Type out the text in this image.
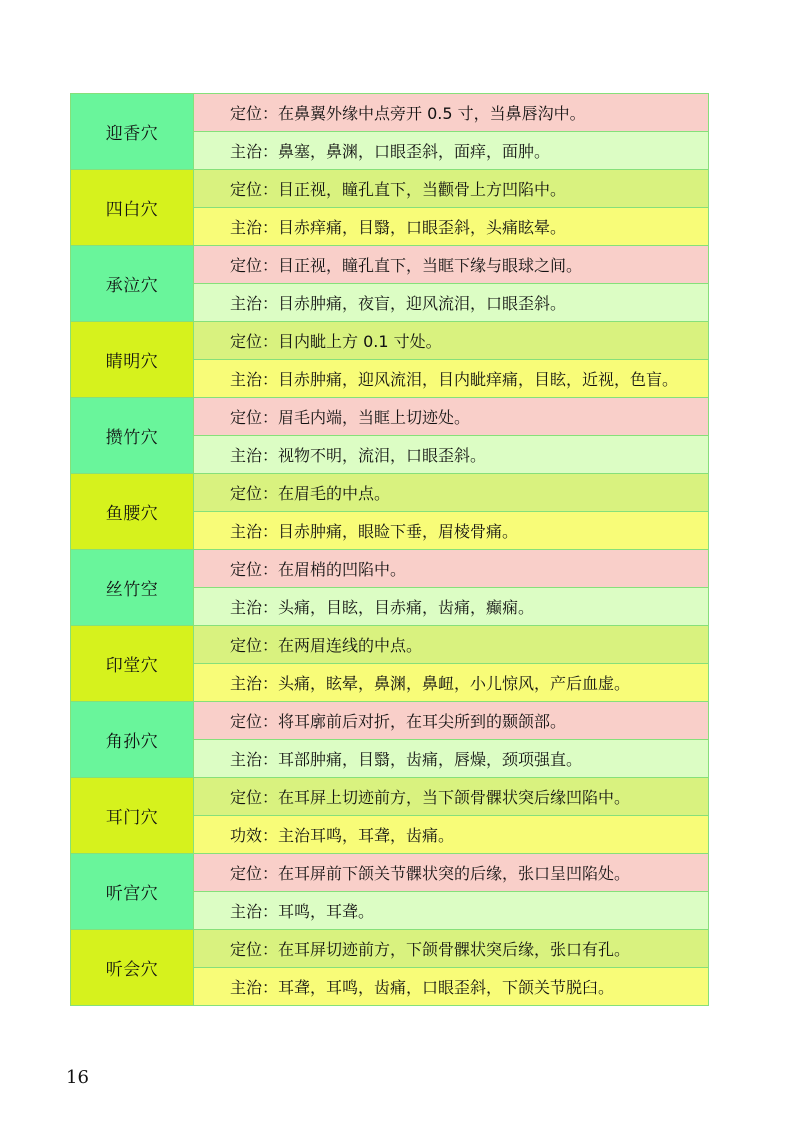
迎香穴	定位：在鼻翼外缘中点旁开 0.5 寸，当鼻唇沟中。
	主治：鼻塞，鼻渊，口眼歪斜，面痒，面肿。
四白穴	定位：目正视，瞳孔直下，当颧骨上方凹陷中。
	主治：目赤痒痛，目翳，口眼歪斜，头痛眩晕。
承泣穴	定位：目正视，瞳孔直下，当眶下缘与眼球之间。
	主治：目赤肿痛，夜盲，迎风流泪，口眼歪斜。
睛明穴	定位：目内眦上方 0.1 寸处。
	主治：目赤肿痛，迎风流泪，目内眦痒痛，目眩，近视，色盲。
攒竹穴	定位：眉毛内端，当眶上切迹处。
	主治：视物不明，流泪，口眼歪斜。
鱼腰穴	定位：在眉毛的中点。
	主治：目赤肿痛，眼睑下垂，眉棱骨痛。
丝竹空	定位：在眉梢的凹陷中。
	主治：头痛，目眩，目赤痛，齿痛，癫痫。
印堂穴	定位：在两眉连线的中点。
	主治：头痛，眩晕，鼻渊，鼻衄，小儿惊风，产后血虚。
角孙穴	定位：将耳廓前后对折，在耳尖所到的颞颌部。
	主治：耳部肿痛，目翳，齿痛，唇燥，颈项强直。
耳门穴	定位：在耳屏上切迹前方，当下颌骨髁状突后缘凹陷中。
	功效：主治耳鸣，耳聋，齿痛。
听宫穴	定位：在耳屏前下颌关节髁状突的后缘，张口呈凹陷处。
	主治：耳鸣，耳聋。
听会穴	定位：在耳屏切迹前方，下颌骨髁状突后缘，张口有孔。
	主治：耳聋，耳鸣，齿痛，口眼歪斜，下颌关节脱臼。
16
